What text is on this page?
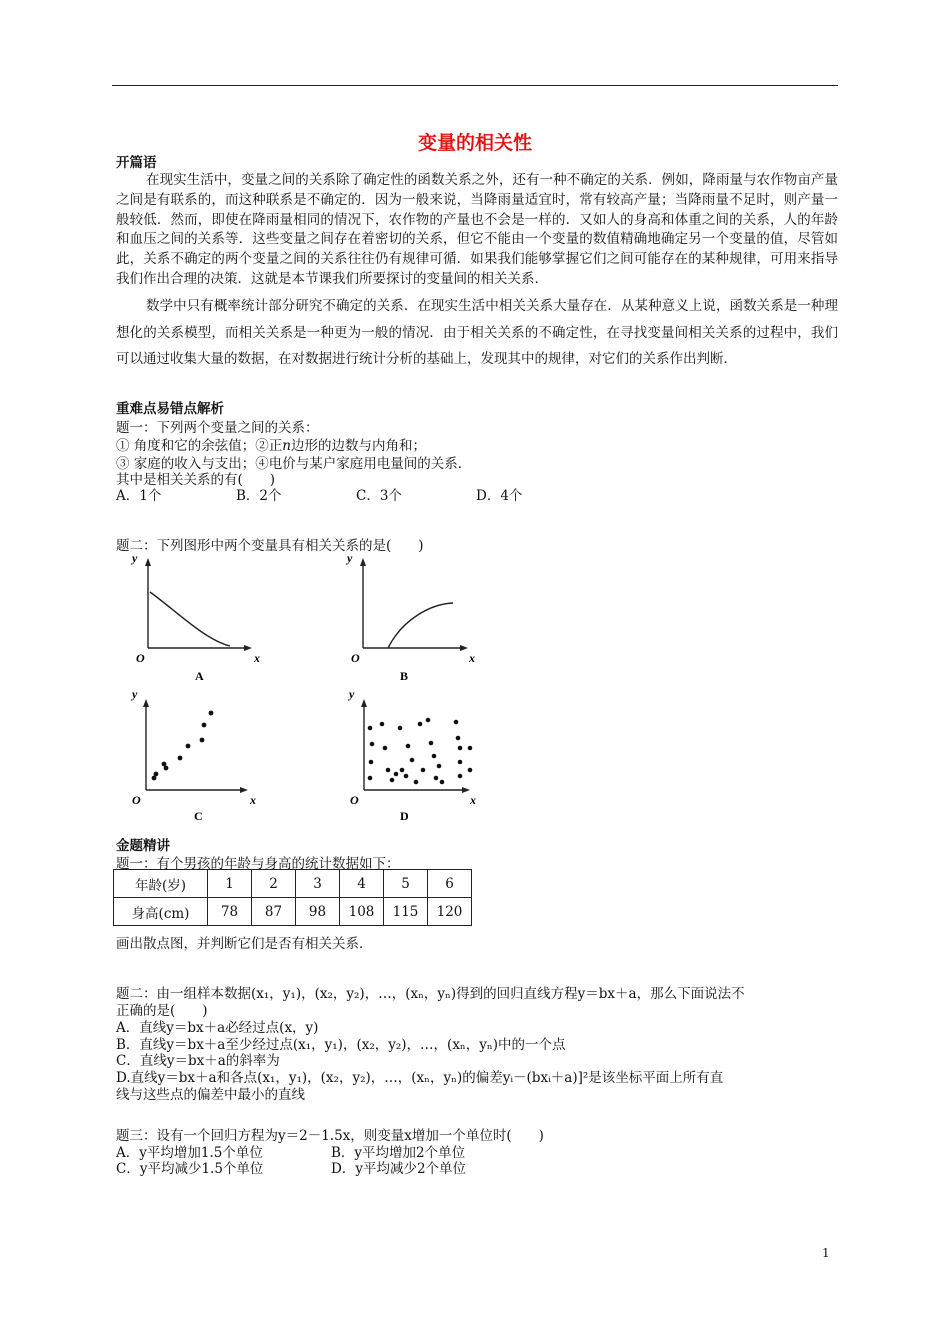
变量的相关性
开篇语
在现实生活中，变量之间的关系除了确定性的函数关系之外，还有一种不确定的关系．例如，降雨量与农作物亩产量之间是有联系的，而这种联系是不确定的．因为一般来说，当降雨量适宜时，常有较高产量；当降雨量不足时，则产量一般较低．然而，即使在降雨量相同的情况下，农作物的产量也不会是一样的．又如人的身高和体重之间的关系，人的年龄和血压之间的关系等．这些变量之间存在着密切的关系，但它不能由一个变量的数值精确地确定另一个变量的值，尽管如此，关系不确定的两个变量之间的关系往往仍有规律可循．如果我们能够掌握它们之间可能存在的某种规律，可用来指导我们作出合理的决策．这就是本节课我们所要探讨的变量间的相关关系．
数学中只有概率统计部分研究不确定的关系．在现实生活中相关关系大量存在．从某种意义上说，函数关系是一种理想化的关系模型，而相关关系是一种更为一般的情况．由于相关关系的不确定性，在寻找变量间相关关系的过程中，我们可以通过收集大量的数据，在对数据进行统计分析的基础上，发现其中的规律，对它们的关系作出判断．
重难点易错点解析
题一：下列两个变量之间的关系：
① 角度和它的余弦值；②正n边形的边数与内角和；
③ 家庭的收入与支出；④电价与某户家庭用电量间的关系．
其中是相关关系的有(　　)
A．1个	B．2个	C．3个	D．4个
题二：下列图形中两个变量具有相关关系的是(　　)
y
x
O
A
y
x
O
B
y
x
O
C
y
x
O
D
金题精讲
题一：有个男孩的年龄与身高的统计数据如下：
年龄(岁)	1	2	3	4	5	6
身高(cm)	78	87	98	108	115	120
画出散点图，并判断它们是否有相关关系．
题二：由一组样本数据(x₁，y₁)，(x₂，y₂)，…，(xₙ，yₙ)得到的回归直线方程y＝bx＋a，那么下面说法不
正确的是(　　)
A．直线y＝bx＋a必经过点(x，y)
B．直线y＝bx＋a至少经过点(x₁，y₁)，(x₂，y₂)，…，(xₙ，yₙ)中的一个点
C．直线y＝bx＋a的斜率为
D.直线y＝bx＋a和各点(x₁，y₁)，(x₂，y₂)，…，(xₙ，yₙ)的偏差yᵢ－(bxᵢ＋a)]²是该坐标平面上所有直
线与这些点的偏差中最小的直线
题三：设有一个回归方程为y＝2－1.5x，则变量x增加一个单位时(　　)
A．y平均增加1.5个单位	B．y平均增加2个单位
C．y平均减少1.5个单位	D．y平均减少2个单位
1
